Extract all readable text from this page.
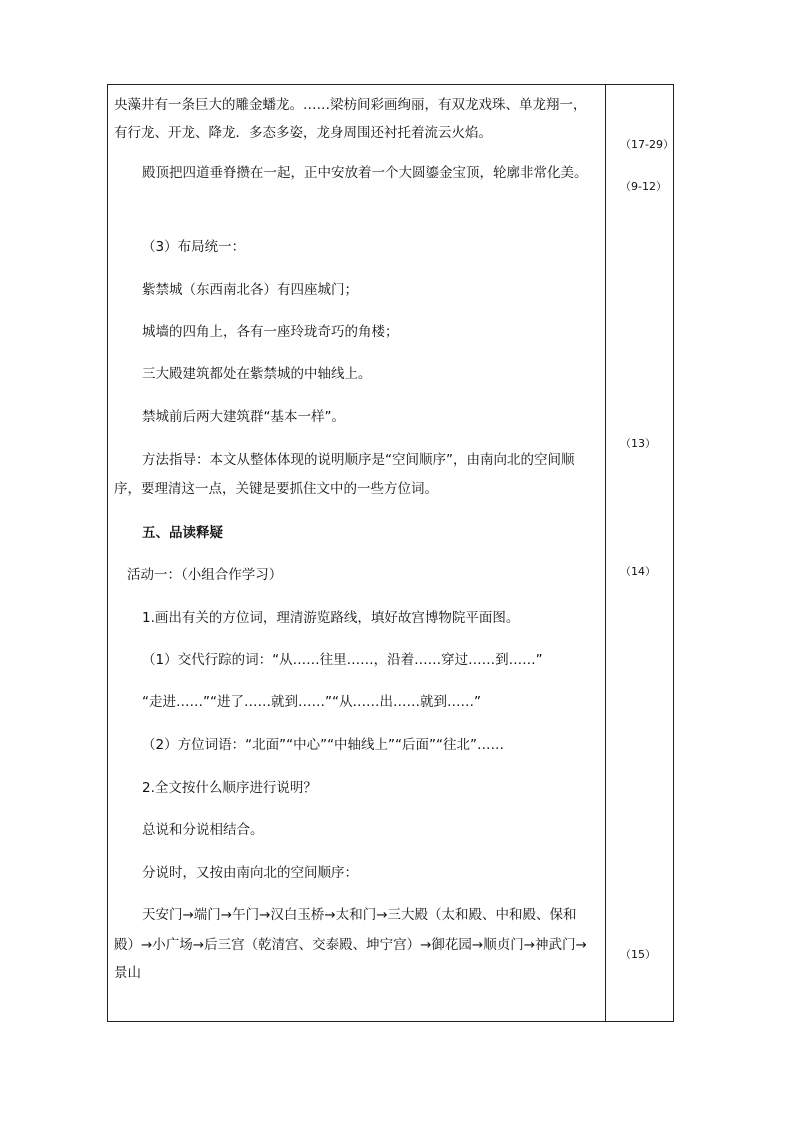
央藻井有一条巨大的雕金蟠龙。……梁枋间彩画绚丽，有双龙戏珠、单龙翔一，
有行龙、开龙、降龙．多态多姿，龙身周围还衬托着流云火焰。
殿顶把四道垂脊攒在一起，正中安放着一个大圆鎏金宝顶，轮廓非常化美。
（3）布局统一：
紫禁城（东西南北各）有四座城门；
城墙的四角上，各有一座玲珑奇巧的角楼；
三大殿建筑都处在紫禁城的中轴线上。
禁城前后两大建筑群“基本一样”。
方法指导：本文从整体体现的说明顺序是“空间顺序”，由南向北的空间顺
序，要理清这一点，关键是要抓住文中的一些方位词。
五、品读释疑
活动一：（小组合作学习）
1.画出有关的方位词，理清游览路线，填好故宫博物院平面图。
（1）交代行踪的词：“从……往里……，沿着……穿过……到……”
“走进……”“进了……就到……”“从……出……就到……”
（2）方位词语：“北面”“中心”“中轴线上”“后面”“往北”……
2.全文按什么顺序进行说明？
总说和分说相结合。
分说时，又按由南向北的空间顺序：
天安门→端门→午门→汉白玉桥→太和门→三大殿（太和殿、中和殿、保和
殿）→小广场→后三宫（乾清宫、交泰殿、坤宁宫）→御花园→顺贞门→神武门→
景山
（17-29）
（9-12）
（13）
（14）
（15）
